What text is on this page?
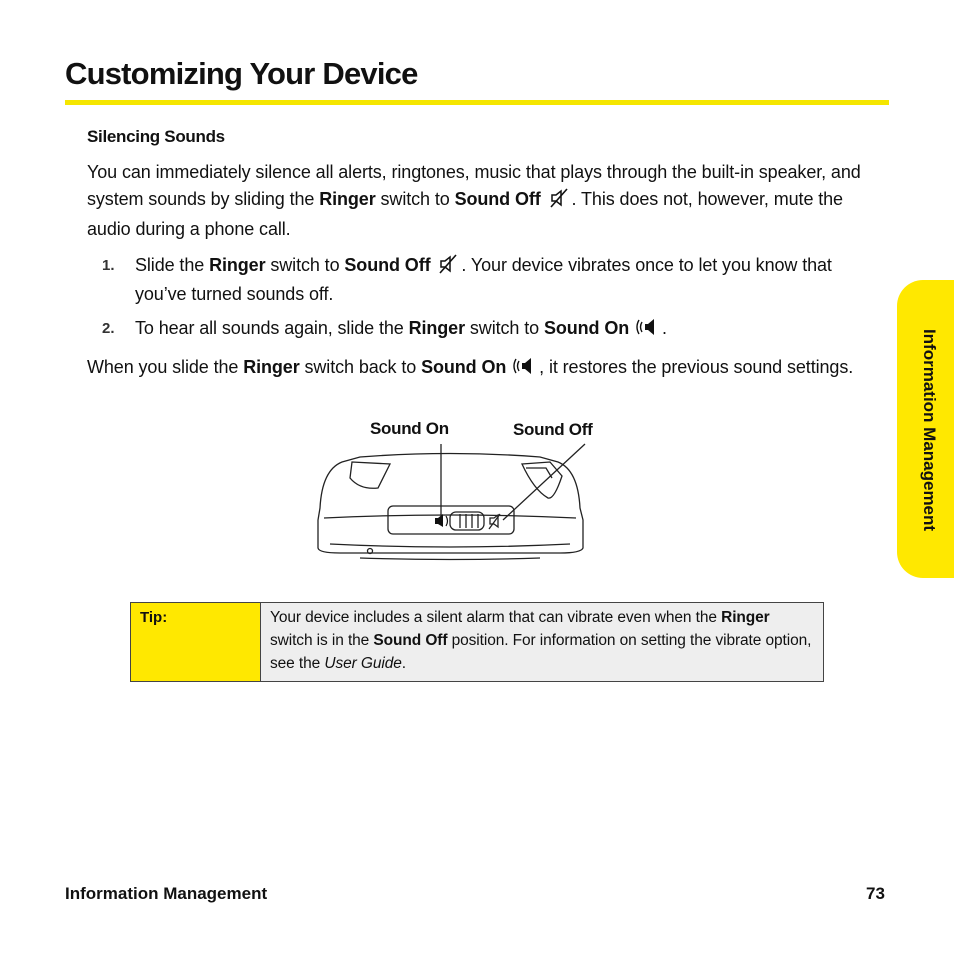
Customizing Your Device
Information Management
Silencing Sounds

You can immediately silence all alerts, ringtones, music that plays through the built-in speaker, and system sounds by sliding the Ringer switch to Sound Off . This does not, however, mute the audio during a phone call.

1. Slide the Ringer switch to Sound Off . Your device vibrates once to let you know that you’ve turned sounds off.

2. To hear all sounds again, slide the Ringer switch to Sound On .

When you slide the Ringer switch back to Sound On , it restores the previous sound settings.

Sound On	Sound Off
Tip:	Your device includes a silent alarm that can vibrate even when the Ringer switch is in the Sound Off position. For information on setting the vibrate option, see the User Guide.
Information Management	73
